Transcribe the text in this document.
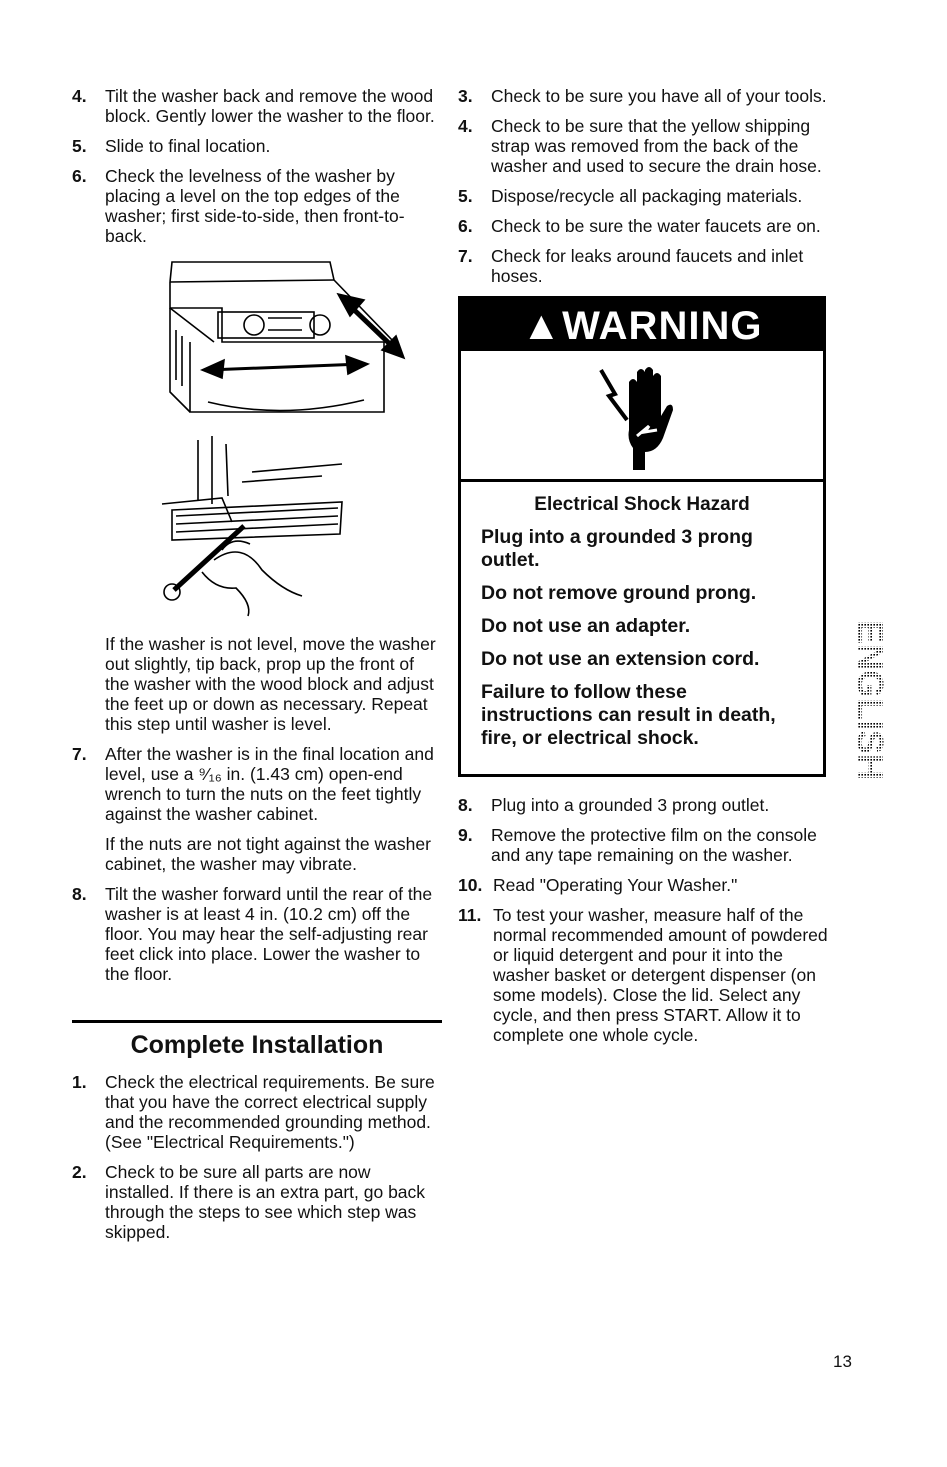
4.	Tilt the washer back and remove the wood block. Gently lower the washer to the floor.
5.	Slide to final location.
6.	Check the levelness of the washer by placing a level on the top edges of the washer; first side-to-side, then front-to-back.
If the washer is not level, move the washer out slightly, tip back, prop up the front of the washer with the wood block and adjust the feet up or down as necessary. Repeat this step until washer is level.
7.	After the washer is in the final location and level, use a ⁹⁄₁₆ in. (1.43 cm) open-end wrench to turn the nuts on the feet tightly against the washer cabinet.
If the nuts are not tight against the washer cabinet, the washer may vibrate.
8.	Tilt the washer forward until the rear of the washer is at least 4 in. (10.2 cm) off the floor. You may hear the self-adjusting rear feet click into place. Lower the washer to the floor.
Complete Installation
1.	Check the electrical requirements. Be sure that you have the correct electrical supply and the recommended grounding method. (See "Electrical Requirements.")
2.	Check to be sure all parts are now installed. If there is an extra part, go back through the steps to see which step was skipped.
3.	Check to be sure you have all of your tools.
4.	Check to be sure that the yellow shipping strap was removed from the back of the washer and used to secure the drain hose.
5.	Dispose/recycle all packaging materials.
6.	Check to be sure the water faucets are on.
7.	Check for leaks around faucets and inlet hoses.
▲WARNING
Electrical Shock Hazard
Plug into a grounded 3 prong outlet.
Do not remove ground prong.
Do not use an adapter.
Do not use an extension cord.
Failure to follow these instructions can result in death, fire, or electrical shock.
8.	Plug into a grounded 3 prong outlet.
9.	Remove the protective film on the console and any tape remaining on the washer.
10. Read "Operating Your Washer."
11. To test your washer, measure half of the normal recommended amount of powdered or liquid detergent and pour it into the washer basket or detergent dispenser (on some models). Close the lid. Select any cycle, and then press START. Allow it to complete one whole cycle.
ENGLISH
13
